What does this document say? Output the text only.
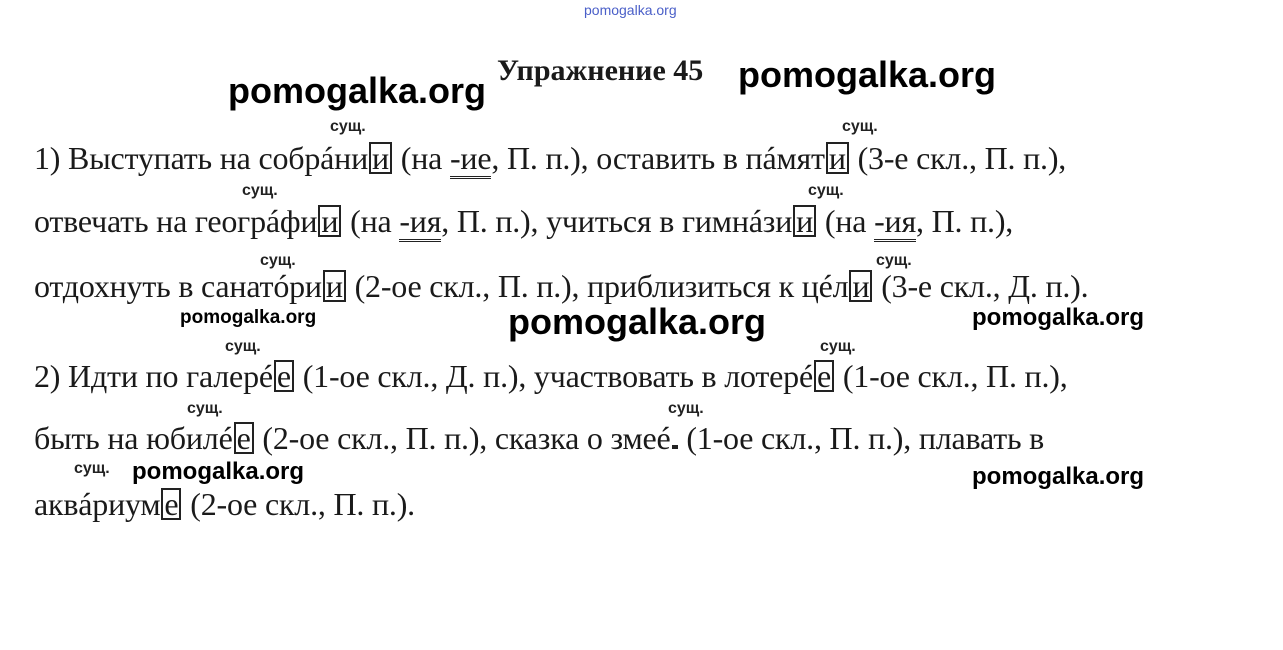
pomogalka.org
Упражнение 45
pomogalka.org	pomogalka.org
сущ.	сущ.
1) Выступать на собрáни и (на -ие, П. п.), оставить в пáмят и (3-е скл., П. п.),
сущ.	сущ.
отвечать на геогрáфи и (на -ия, П. п.), учиться в гимнáзи и (на -ия, П. п.),
сущ.	сущ.
отдохнуть в санатóри и (2-ое скл., П. п.), приблизиться к цéл и (3-е скл., Д. п.).
pomogalka.org	pomogalka.org	pomogalka.org
сущ.	сущ.
2) Идти по галерé е (1-ое скл., Д. п.), участвовать в лотерé е (1-ое скл., П. п.),
сущ.	сущ.
быть на юбилé е (2-ое скл., П. п.), сказка о змеé (1-ое скл., П. п.), плавать в
сущ. pomogalka.org	pomogalka.org
аквáриум е (2-ое скл., П. п.).
